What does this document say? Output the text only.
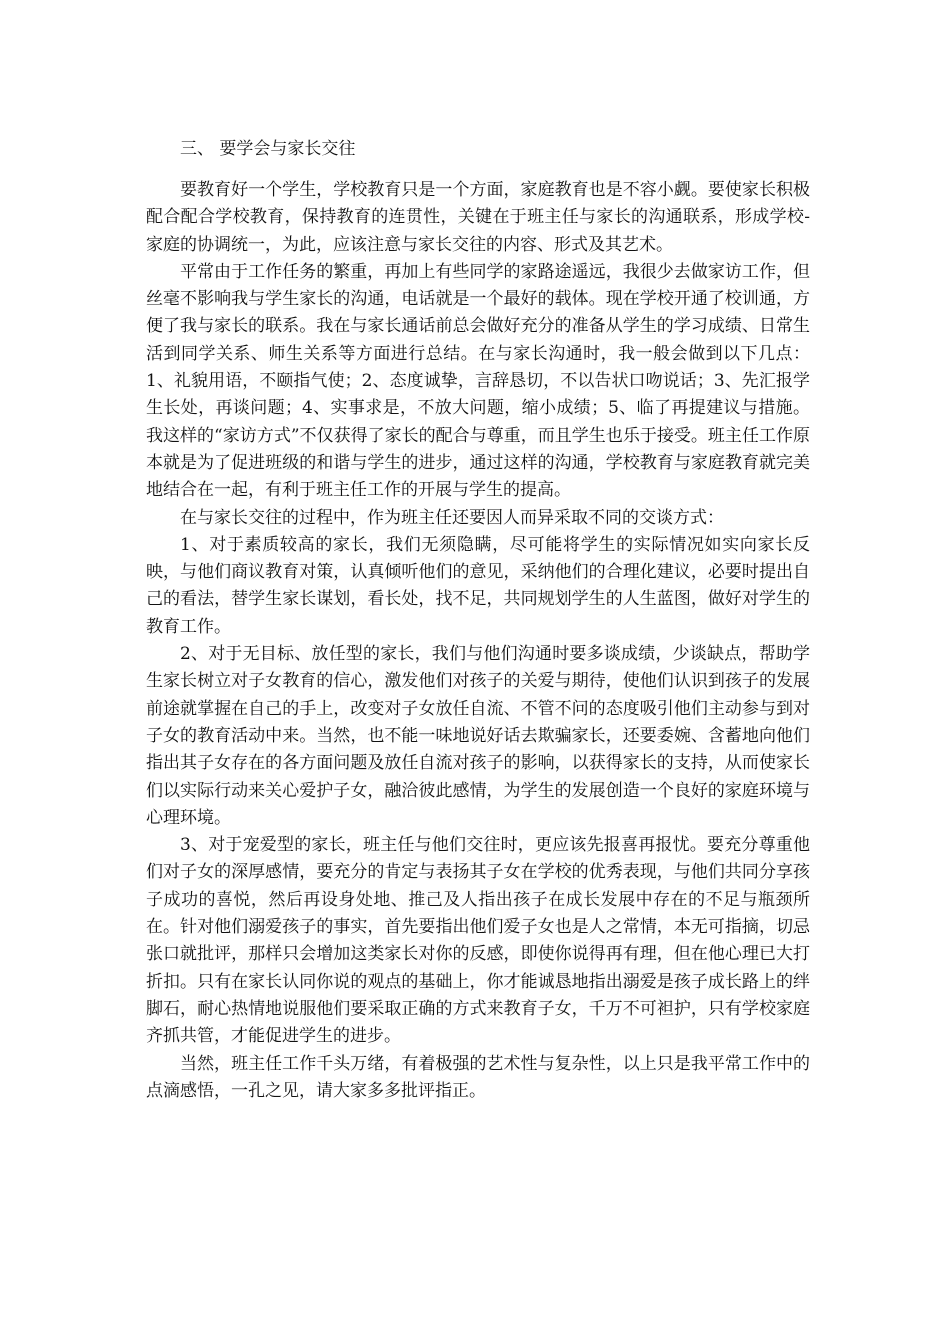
三、 要学会与家长交往

要教育好一个学生，学校教育只是一个方面，家庭教育也是不容小觑。要使家长积极配合配合学校教育，保持教育的连贯性，关键在于班主任与家长的沟通联系，形成学校-家庭的协调统一，为此，应该注意与家长交往的内容、形式及其艺术。

平常由于工作任务的繁重，再加上有些同学的家路途遥远，我很少去做家访工作，但丝毫不影响我与学生家长的沟通，电话就是一个最好的载体。现在学校开通了校训通，方便了我与家长的联系。我在与家长通话前总会做好充分的准备从学生的学习成绩、日常生活到同学关系、师生关系等方面进行总结。在与家长沟通时，我一般会做到以下几点：1、礼貌用语，不颐指气使；2、态度诚挚，言辞恳切，不以告状口吻说话；3、先汇报学生长处，再谈问题；4、实事求是，不放大问题，缩小成绩；5、临了再提建议与措施。我这样的“家访方式”不仅获得了家长的配合与尊重，而且学生也乐于接受。班主任工作原本就是为了促进班级的和谐与学生的进步，通过这样的沟通，学校教育与家庭教育就完美地结合在一起，有利于班主任工作的开展与学生的提高。

在与家长交往的过程中，作为班主任还要因人而异采取不同的交谈方式：

1、对于素质较高的家长，我们无须隐瞒，尽可能将学生的实际情况如实向家长反映，与他们商议教育对策，认真倾听他们的意见，采纳他们的合理化建议，必要时提出自己的看法，替学生家长谋划，看长处，找不足，共同规划学生的人生蓝图，做好对学生的教育工作。

2、对于无目标、放任型的家长，我们与他们沟通时要多谈成绩，少谈缺点，帮助学生家长树立对子女教育的信心，激发他们对孩子的关爱与期待，使他们认识到孩子的发展前途就掌握在自己的手上，改变对子女放任自流、不管不问的态度吸引他们主动参与到对子女的教育活动中来。当然，也不能一味地说好话去欺骗家长，还要委婉、含蓄地向他们指出其子女存在的各方面问题及放任自流对孩子的影响，以获得家长的支持，从而使家长们以实际行动来关心爱护子女，融洽彼此感情，为学生的发展创造一个良好的家庭环境与心理环境。

3、对于宠爱型的家长，班主任与他们交往时，更应该先报喜再报忧。要充分尊重他们对子女的深厚感情，要充分的肯定与表扬其子女在学校的优秀表现，与他们共同分享孩子成功的喜悦，然后再设身处地、推己及人指出孩子在成长发展中存在的不足与瓶颈所在。针对他们溺爱孩子的事实，首先要指出他们爱子女也是人之常情，本无可指摘，切忌张口就批评，那样只会增加这类家长对你的反感，即使你说得再有理，但在他心理已大打折扣。只有在家长认同你说的观点的基础上，你才能诚恳地指出溺爱是孩子成长路上的绊脚石，耐心热情地说服他们要采取正确的方式来教育子女，千万不可袒护，只有学校家庭齐抓共管，才能促进学生的进步。

当然，班主任工作千头万绪，有着极强的艺术性与复杂性，以上只是我平常工作中的点滴感悟，一孔之见，请大家多多批评指正。
